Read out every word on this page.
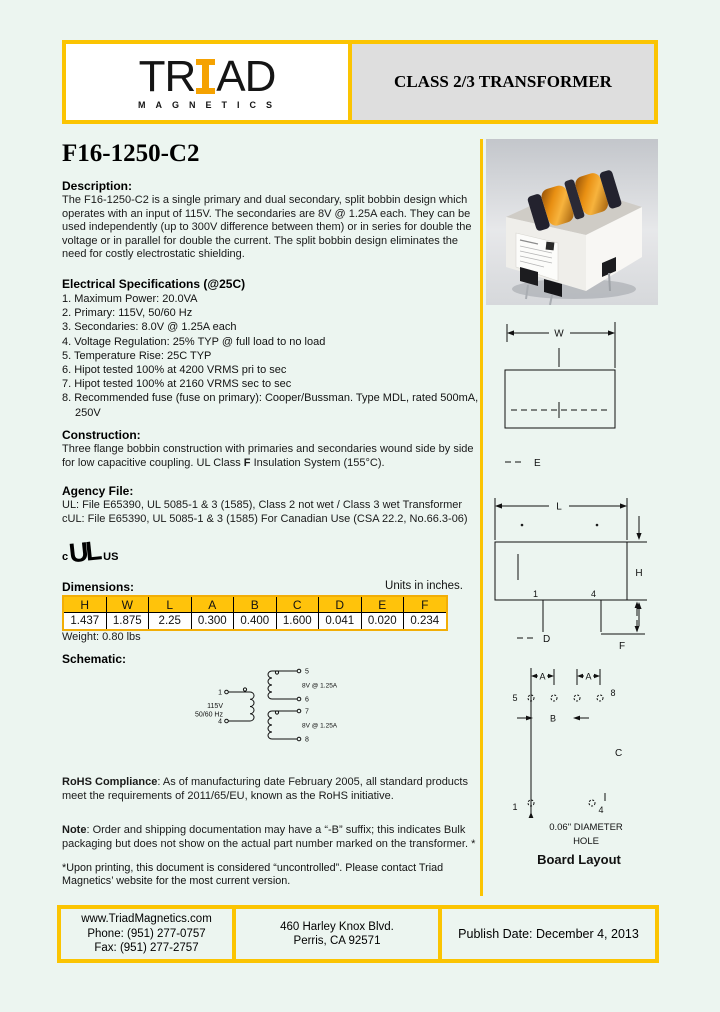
TR AD
MAGNETICS
CLASS 2/3 TRANSFORMER
F16-1250-C2
Description:
The F16-1250-C2 is a single primary and dual secondary, split bobbin design which operates with an input of 115V. The secondaries are 8V @ 1.25A each. They can be used independently (up to 300V difference between them) or in series for double the voltage or in parallel for double the current. The split bobbin design eliminates the need for costly electrostatic shielding.
Electrical Specifications (@25C)

1. Maximum Power: 20.0VA

2. Primary: 115V, 50/60 Hz

3. Secondaries: 8.0V @ 1.25A each

4. Voltage Regulation: 25% TYP @ full load to no load

5. Temperature Rise: 25C TYP

6. Hipot tested 100% at 4200 VRMS pri to sec

7. Hipot tested 100% at 2160 VRMS sec to sec

8. Recommended fuse (fuse on primary): Cooper/Bussman. Type MDL, rated 500mA, 250V

Construction:
Three flange bobbin construction with primaries and secondaries wound side by side for low capacitive coupling. UL Class F Insulation System (155°C).
Agency File:
UL: File E65390, UL 5085-1 & 3 (1585), Class 2 not wet / Class 3 wet Transformer
cUL: File E65390, UL 5085-1 & 3 (1585) For Canadian Use (CSA 22.2, No.66.3-06)
c UL US
Dimensions:	Units in inches.
H	W	L	A	B	C	D	E	F
1.437	1.875	2.25	0.300	0.400	1.600	0.041	0.020	0.234
Weight: 0.80 lbs
Schematic:
1
115V
50/60 Hz
4
5
8V @ 1.25A
6
7
8V @ 1.25A
8
RoHS Compliance: As of manufacturing date February 2005, all standard products meet the requirements of 2011/65/EU, known as the RoHS initiative.
Note: Order and shipping documentation may have a “-B” suffix; this indicates Bulk packaging but does not show on the actual part number marked on the transformer. *
*Upon printing, this document is considered “uncontrolled”. Please contact Triad Magnetics’ website for the most current version.
W
E
L
H
1	4
D
F
A	A
5	8
B
C
1	4
0.06" DIAMETER
HOLE
Board Layout
www.TriadMagnetics.com
Phone: (951) 277-0757
Fax: (951) 277-2757
460 Harley Knox Blvd.
Perris, CA 92571
Publish Date: December 4, 2013
